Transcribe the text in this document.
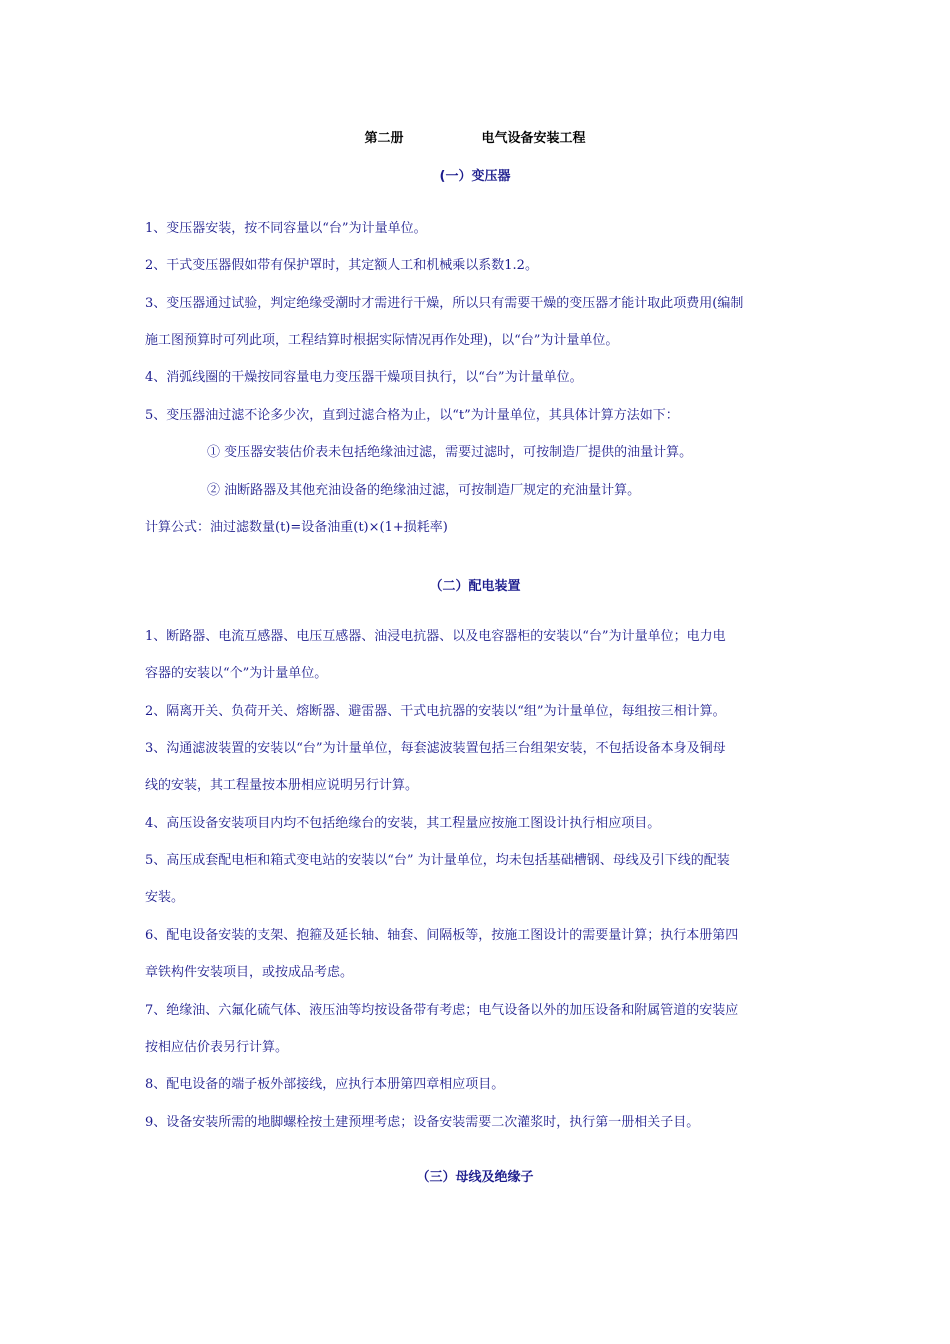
第二册	电气设备安装工程
(一）变压器
1、变压器安装，按不同容量以“台”为计量单位。
2、干式变压器假如带有保护罩时，其定额人工和机械乘以系数1.2。
3、变压器通过试验，判定绝缘受潮时才需进行干燥，所以只有需要干燥的变压器才能计取此项费用(编制
施工图预算时可列此项，工程结算时根据实际情况再作处理)，以“台”为计量单位。
4、消弧线圈的干燥按同容量电力变压器干燥项目执行，以“台”为计量单位。
5、变压器油过滤不论多少次，直到过滤合格为止，以“t”为计量单位，其具体计算方法如下：
① 变压器安装估价表未包括绝缘油过滤，需要过滤时，可按制造厂提供的油量计算。
② 油断路器及其他充油设备的绝缘油过滤，可按制造厂规定的充油量计算。
计算公式：油过滤数量(t)=设备油重(t)×(1+损耗率)
（二）配电装置
1、断路器、电流互感器、电压互感器、油浸电抗器、以及电容器柜的安装以“台”为计量单位；电力电
容器的安装以“个”为计量单位。
2、隔离开关、负荷开关、熔断器、避雷器、干式电抗器的安装以“组”为计量单位，每组按三相计算。
3、沟通滤波装置的安装以“台”为计量单位，每套滤波装置包括三台组架安装，不包括设备本身及铜母
线的安装，其工程量按本册相应说明另行计算。
4、高压设备安装项目内均不包括绝缘台的安装，其工程量应按施工图设计执行相应项目。
5、高压成套配电柜和箱式变电站的安装以“台” 为计量单位，均未包括基础槽钢、母线及引下线的配装
安装。
6、配电设备安装的支架、抱箍及延长轴、轴套、间隔板等，按施工图设计的需要量计算；执行本册第四
章铁构件安装项目，或按成品考虑。
7、绝缘油、六氟化硫气体、液压油等均按设备带有考虑；电气设备以外的加压设备和附属管道的安装应
按相应估价表另行计算。
8、配电设备的端子板外部接线，应执行本册第四章相应项目。
9、设备安装所需的地脚螺栓按土建预埋考虑；设备安装需要二次灌浆时，执行第一册相关子目。
（三）母线及绝缘子
